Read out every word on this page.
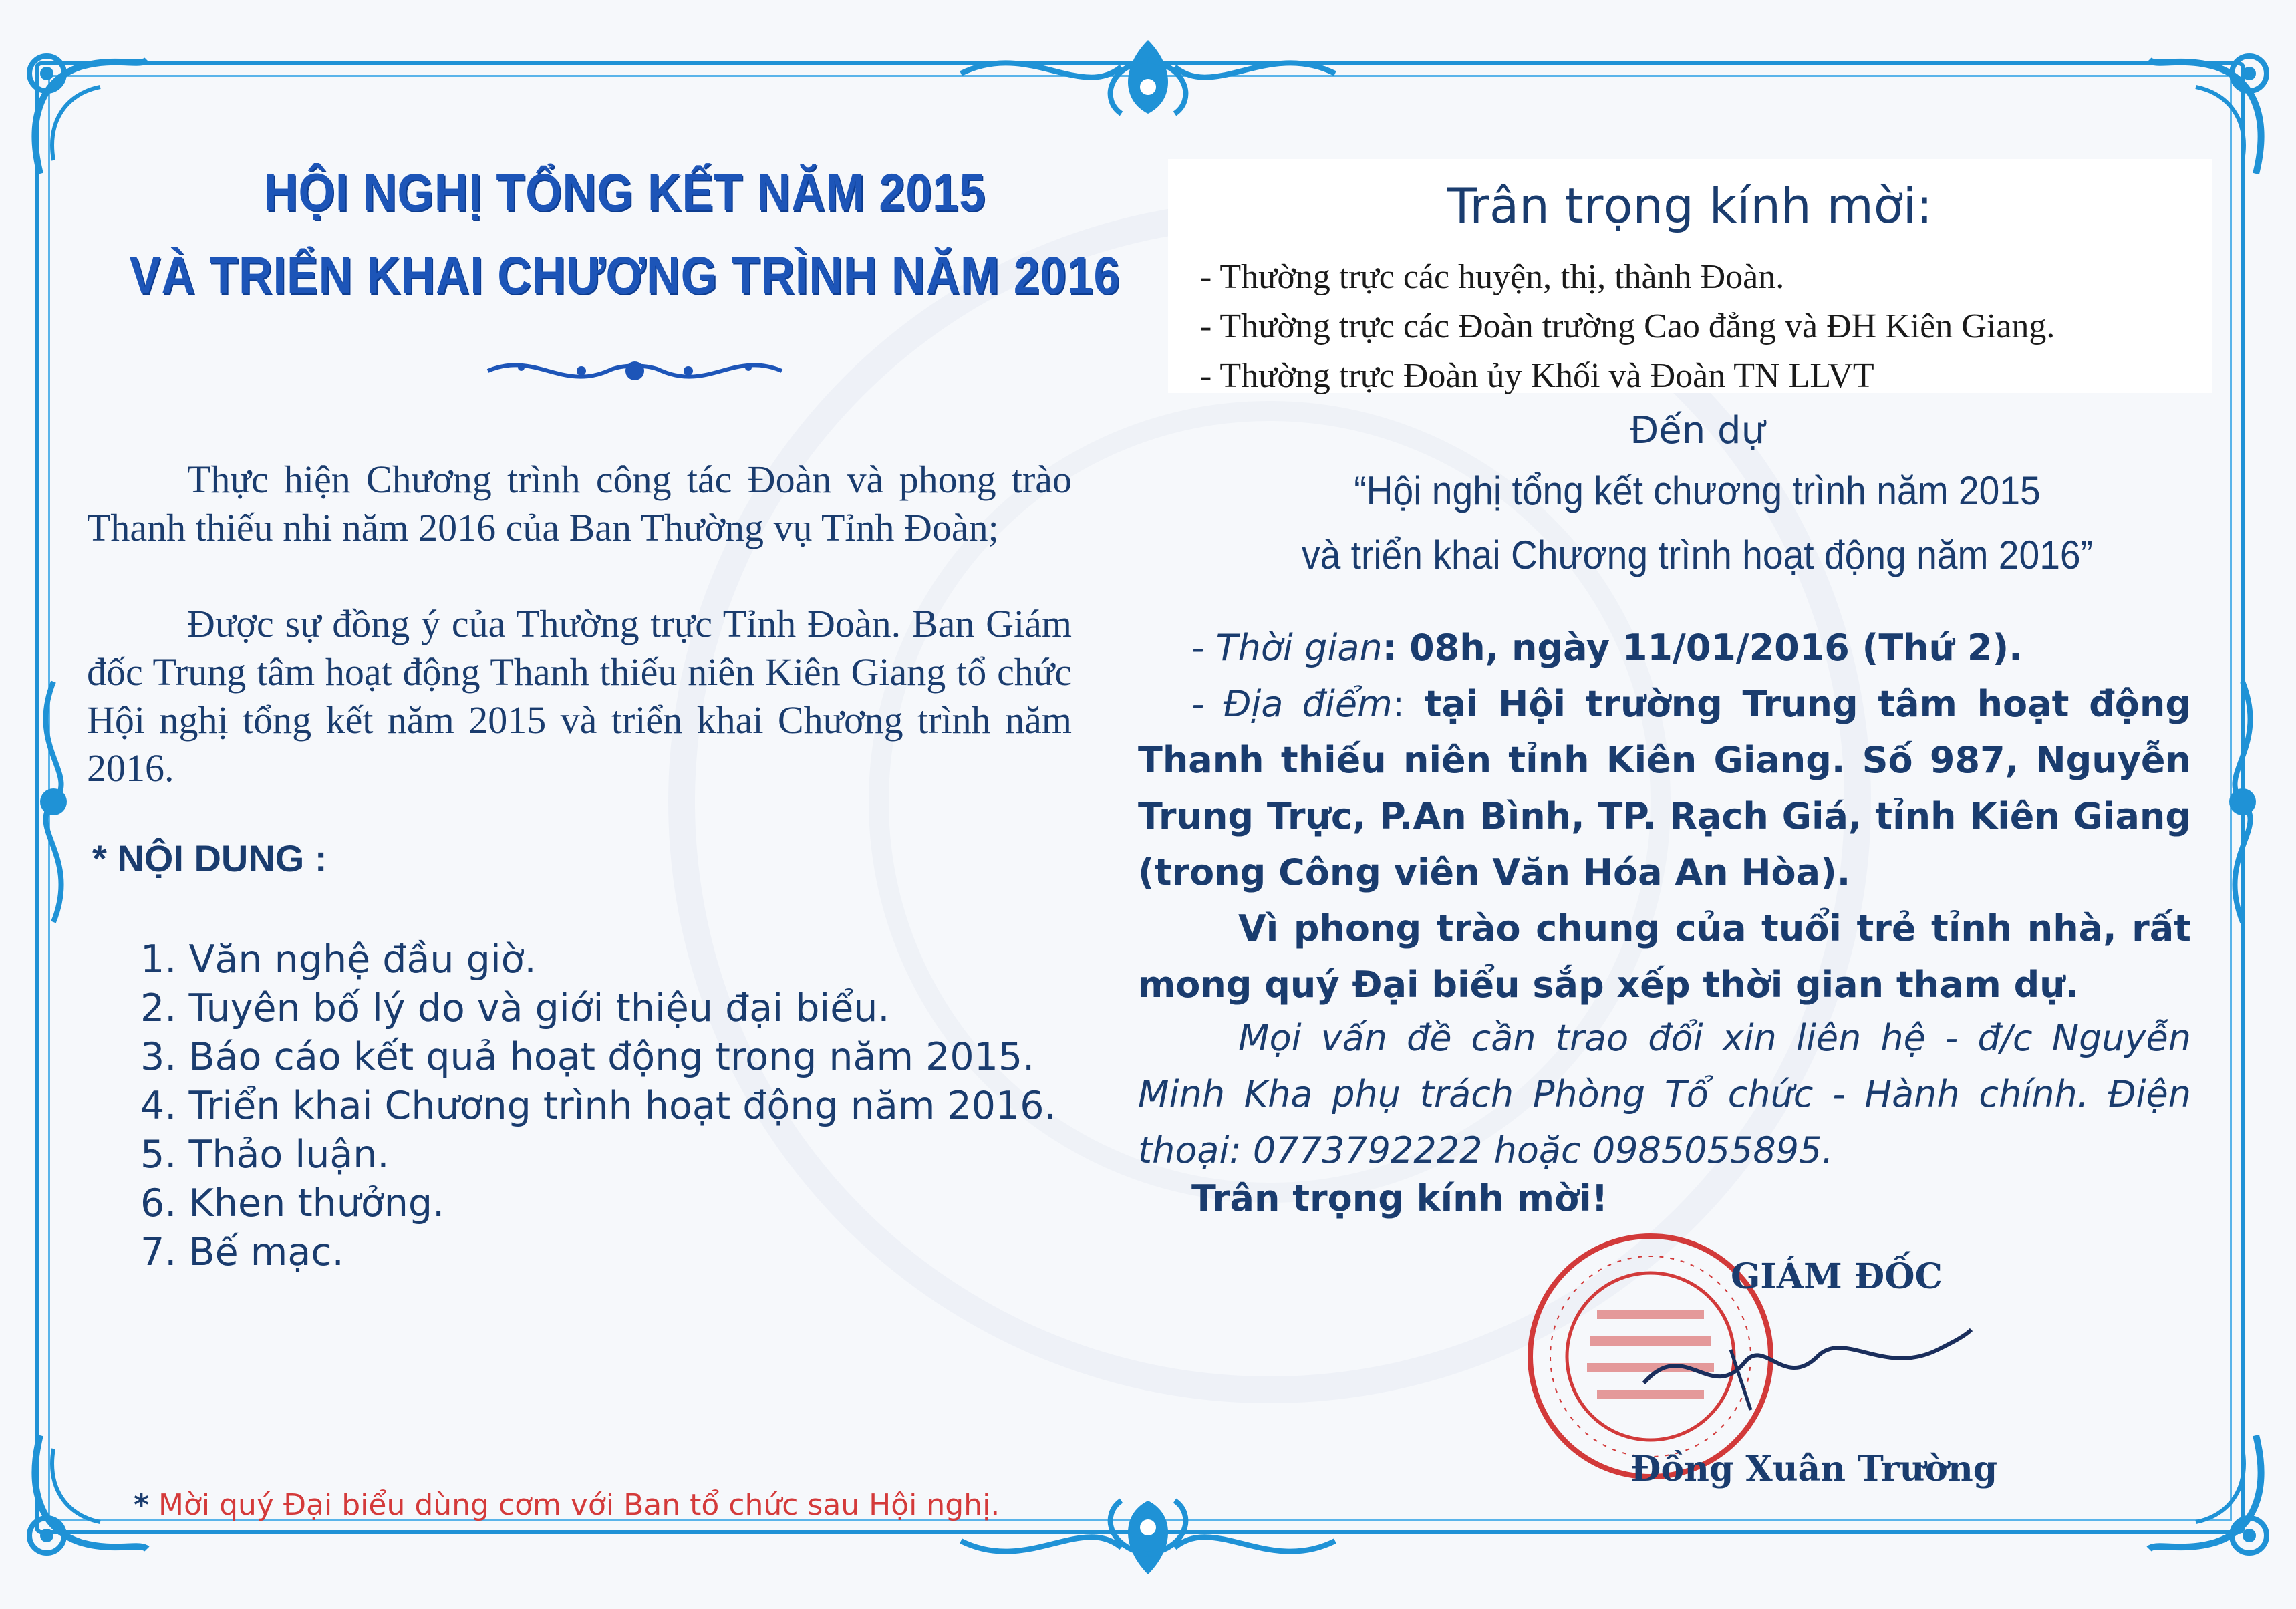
HỘI NGHỊ TỔNG KẾT NĂM 2015
VÀ TRIỂN KHAI CHƯƠNG TRÌNH NĂM 2016
Thực hiện Chương trình công tác Đoàn và phong trào Thanh thiếu nhi năm 2016 của Ban Thường vụ Tỉnh Đoàn;
Được sự đồng ý của Thường trực Tỉnh Đoàn. Ban Giám đốc Trung tâm hoạt động Thanh thiếu niên Kiên Giang tổ chức Hội nghị tổng kết năm 2015 và triển khai Chương trình năm 2016.
* NỘI DUNG :
1. Văn nghệ đầu giờ.
2. Tuyên bố lý do và giới thiệu đại biểu.
3. Báo cáo kết quả hoạt động trong năm 2015.
4. Triển khai Chương trình hoạt động năm 2016.
5. Thảo luận.
6. Khen thưởng.
7. Bế mạc.
* Mời quý Đại biểu dùng cơm với Ban tổ chức sau Hội nghị.
Trân trọng kính mời:
- Thường trực các huyện, thị, thành Đoàn.
- Thường trực các Đoàn trường Cao đẳng và ĐH Kiên Giang.
- Thường trực Đoàn ủy Khối và Đoàn TN LLVT
Đến dự
“Hội nghị tổng kết chương trình năm 2015
và triển khai Chương trình hoạt động năm 2016”
- Thời gian: 08h, ngày 11/01/2016 (Thứ 2).
- Địa điểm: tại Hội trường Trung tâm hoạt động Thanh thiếu niên tỉnh Kiên Giang. Số 987, Nguyễn Trung Trực, P.An Bình, TP. Rạch Giá, tỉnh Kiên Giang (trong Công viên Văn Hóa An Hòa).
Vì phong trào chung của tuổi trẻ tỉnh nhà, rất mong quý Đại biểu sắp xếp thời gian tham dự.
Mọi vấn đề cần trao đổi xin liên hệ - đ/c Nguyễn Minh Kha phụ trách Phòng Tổ chức - Hành chính. Điện thoại: 0773792222 hoặc 0985055895.
Trân trọng kính mời!
GIÁM ĐỐC
Đồng Xuân Trường
